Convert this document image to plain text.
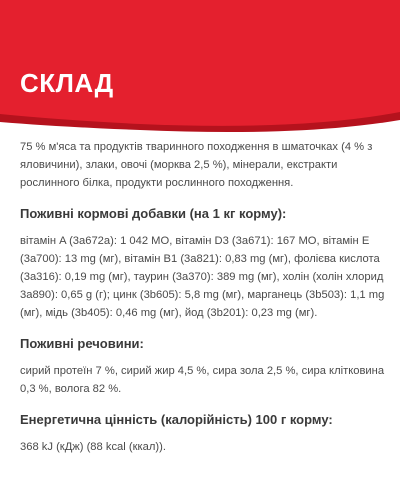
СКЛАД

75 % м'яса та продуктів тваринного походження в шматочках (4 % з яловичини), злаки, овочі (морква 2,5 %), мінерали, екстракти рослинного білка, продукти рослинного походження.

Поживні кормові добавки (на 1 кг корму):

вітамін A (3a672a): 1 042 MO, вітамін D3 (3a671): 167 MO, вітамін E (3a700): 13 mg (мг), вітамін B1 (3a821): 0,83 mg (мг), фолієва кислота (3a316): 0,19 mg (мг), таурин (3a370): 389 mg (мг), холін (холін хлорид 3a890): 0,65 g (г); цинк (3b605): 5,8 mg (мг), марганець (3b503): 1,1 mg (мг), мідь (3b405): 0,46 mg (мг), йод (3b201): 0,23 mg (мг).

Поживні речовини:

сирий протеїн 7 %, сирий жир 4,5 %, сира зола 2,5 %, сира клітковина 0,3 %, волога 82 %.

Енергетична цінність (калорійність) 100 г корму:

368 kJ (кДж) (88 kcal (ккал)).
